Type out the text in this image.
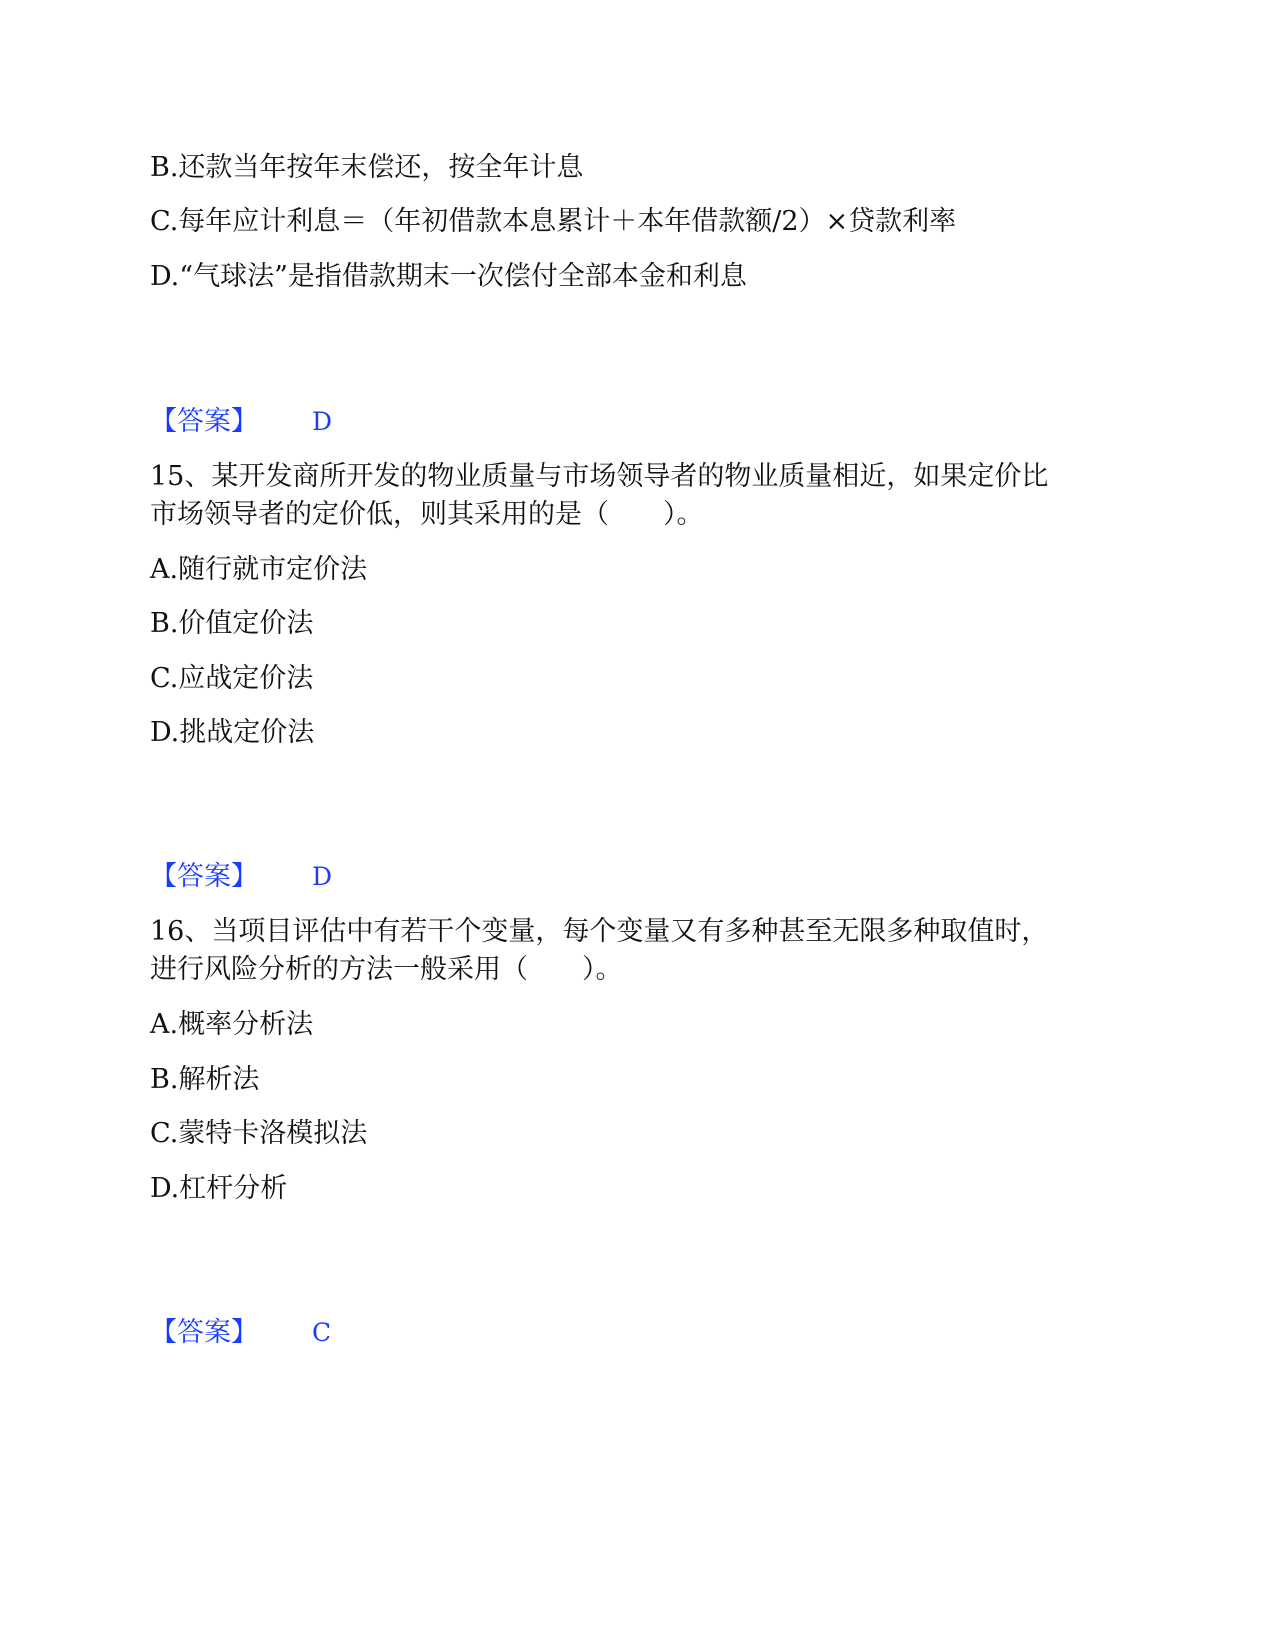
B.还款当年按年末偿还，按全年计息
C.每年应计利息＝（年初借款本息累计＋本年借款额/2）×贷款利率
D.“气球法”是指借款期末一次偿付全部本金和利息
【答案】 D
15、某开发商所开发的物业质量与市场领导者的物业质量相近，如果定价比
市场领导者的定价低，则其采用的是（　　）。
A.随行就市定价法
B.价值定价法
C.应战定价法
D.挑战定价法
【答案】 D
16、当项目评估中有若干个变量，每个变量又有多种甚至无限多种取值时，
进行风险分析的方法一般采用（　　）。
A.概率分析法
B.解析法
C.蒙特卡洛模拟法
D.杠杆分析
【答案】 C
